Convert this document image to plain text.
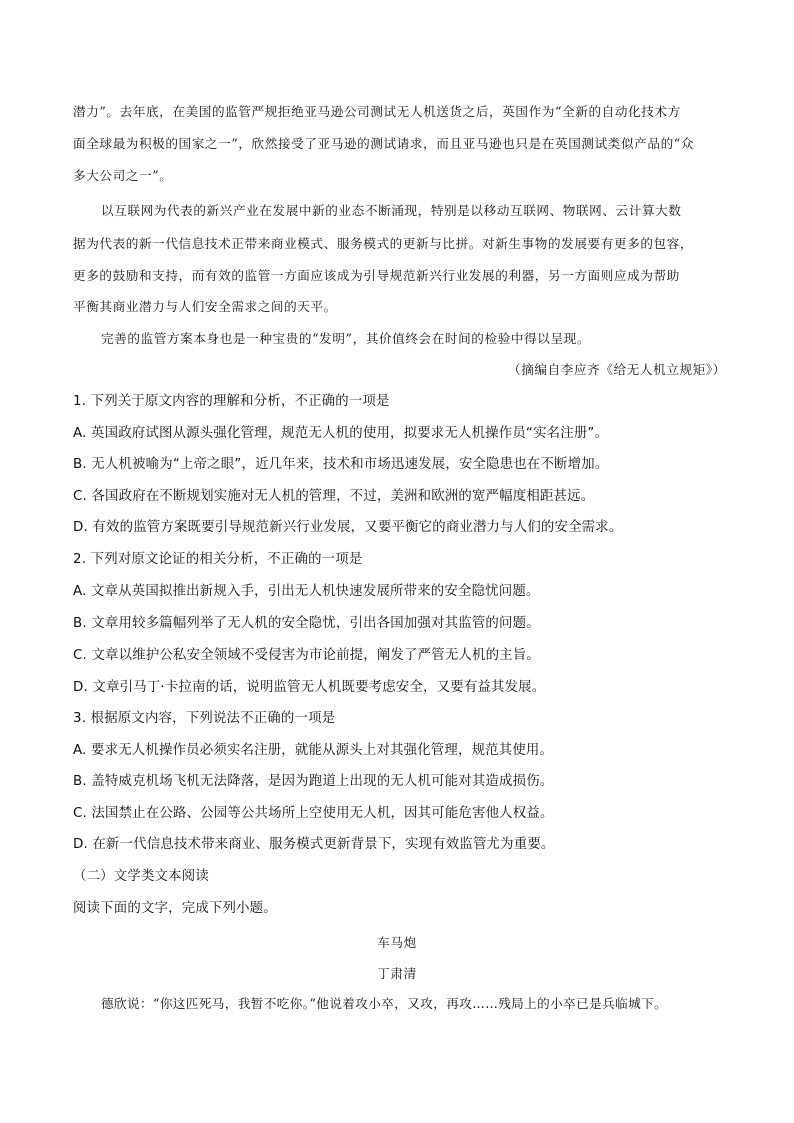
潜力”。去年底，在美国的监管严规拒绝亚马逊公司测试无人机送货之后，英国作为“全新的自动化技术方
面全球最为积极的国家之一”，欣然接受了亚马逊的测试请求，而且亚马逊也只是在英国测试类似产品的“众
多大公司之一”。
以互联网为代表的新兴产业在发展中新的业态不断涌现，特别是以移动互联网、物联网、云计算大数
据为代表的新一代信息技术正带来商业模式、服务模式的更新与比拼。对新生事物的发展要有更多的包容，
更多的鼓励和支持，而有效的监管一方面应该成为引导规范新兴行业发展的利器，另一方面则应成为帮助
平衡其商业潜力与人们安全需求之间的天平。
完善的监管方案本身也是一种宝贵的“发明”，其价值终会在时间的检验中得以呈现。
（摘编自李应齐《给无人机立规矩》）
1. 下列关于原文内容的理解和分析，不正确的一项是
A. 英国政府试图从源头强化管理，规范无人机的使用，拟要求无人机操作员“实名注册”。
B. 无人机被喻为“上帝之眼”，近几年来，技术和市场迅速发展，安全隐患也在不断增加。
C. 各国政府在不断规划实施对无人机的管理，不过，美洲和欧洲的宽严幅度相距甚远。
D. 有效的监管方案既要引导规范新兴行业发展，又要平衡它的商业潜力与人们的安全需求。
2. 下列对原文论证的相关分析，不正确的一项是
A. 文章从英国拟推出新规入手，引出无人机快速发展所带来的安全隐忧问题。
B. 文章用较多篇幅列举了无人机的安全隐忧，引出各国加强对其监管的问题。
C. 文章以维护公私安全领域不受侵害为市论前提，阐发了严管无人机的主旨。
D. 文章引马丁·卡拉南的话，说明监管无人机既要考虑安全，又要有益其发展。
3. 根据原文内容，下列说法不正确的一项是
A. 要求无人机操作员必须实名注册，就能从源头上对其强化管理，规范其使用。
B. 盖特威克机场飞机无法降落，是因为跑道上出现的无人机可能对其造成损伤。
C. 法国禁止在公路、公园等公共场所上空使用无人机，因其可能危害他人权益。
D. 在新一代信息技术带来商业、服务模式更新背景下，实现有效监管尤为重要。
（二）文学类文本阅读
阅读下面的文字，完成下列小题。
车马炮
丁肃清
德欣说：“你这匹死马，我暂不吃你。”他说着攻小卒，又攻，再攻……残局上的小卒已是兵临城下。
